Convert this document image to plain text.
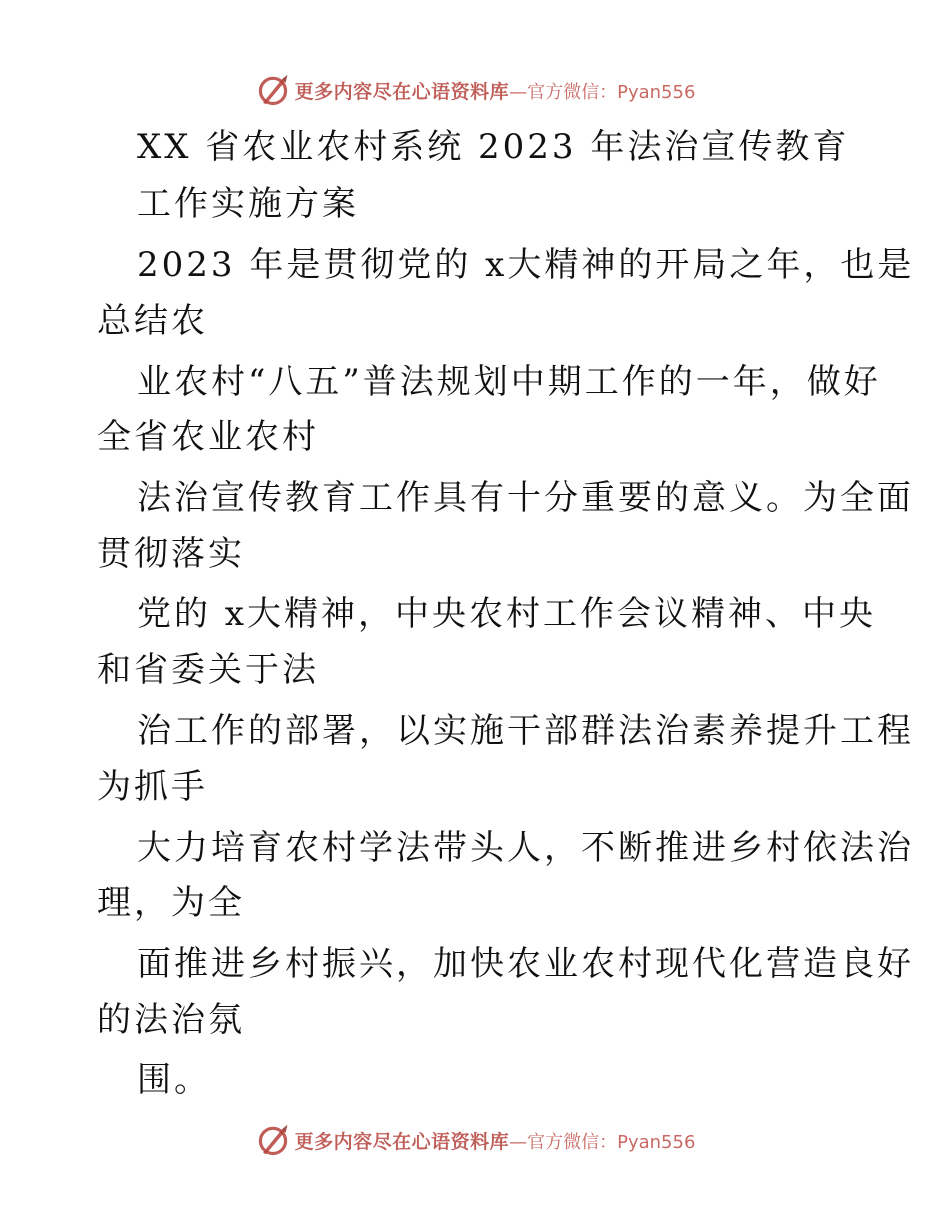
更多内容尽在心语资料库 —官方微信：Pyan556
XX 省农业农村系统 2023 年法治宣传教育
工作实施方案
2023 年是贯彻党的 x大精神的开局之年，也是
总结农
业农村“八五”普法规划中期工作的一年，做好
全省农业农村
法治宣传教育工作具有十分重要的意义。为全面
贯彻落实
党的 x大精神，中央农村工作会议精神、中央
和省委关于法
治工作的部署，以实施干部群法治素养提升工程
为抓手
大力培育农村学法带头人，不断推进乡村依法治
理，为全
面推进乡村振兴，加快农业农村现代化营造良好
的法治氛
围。
更多内容尽在心语资料库 —官方微信：Pyan556
